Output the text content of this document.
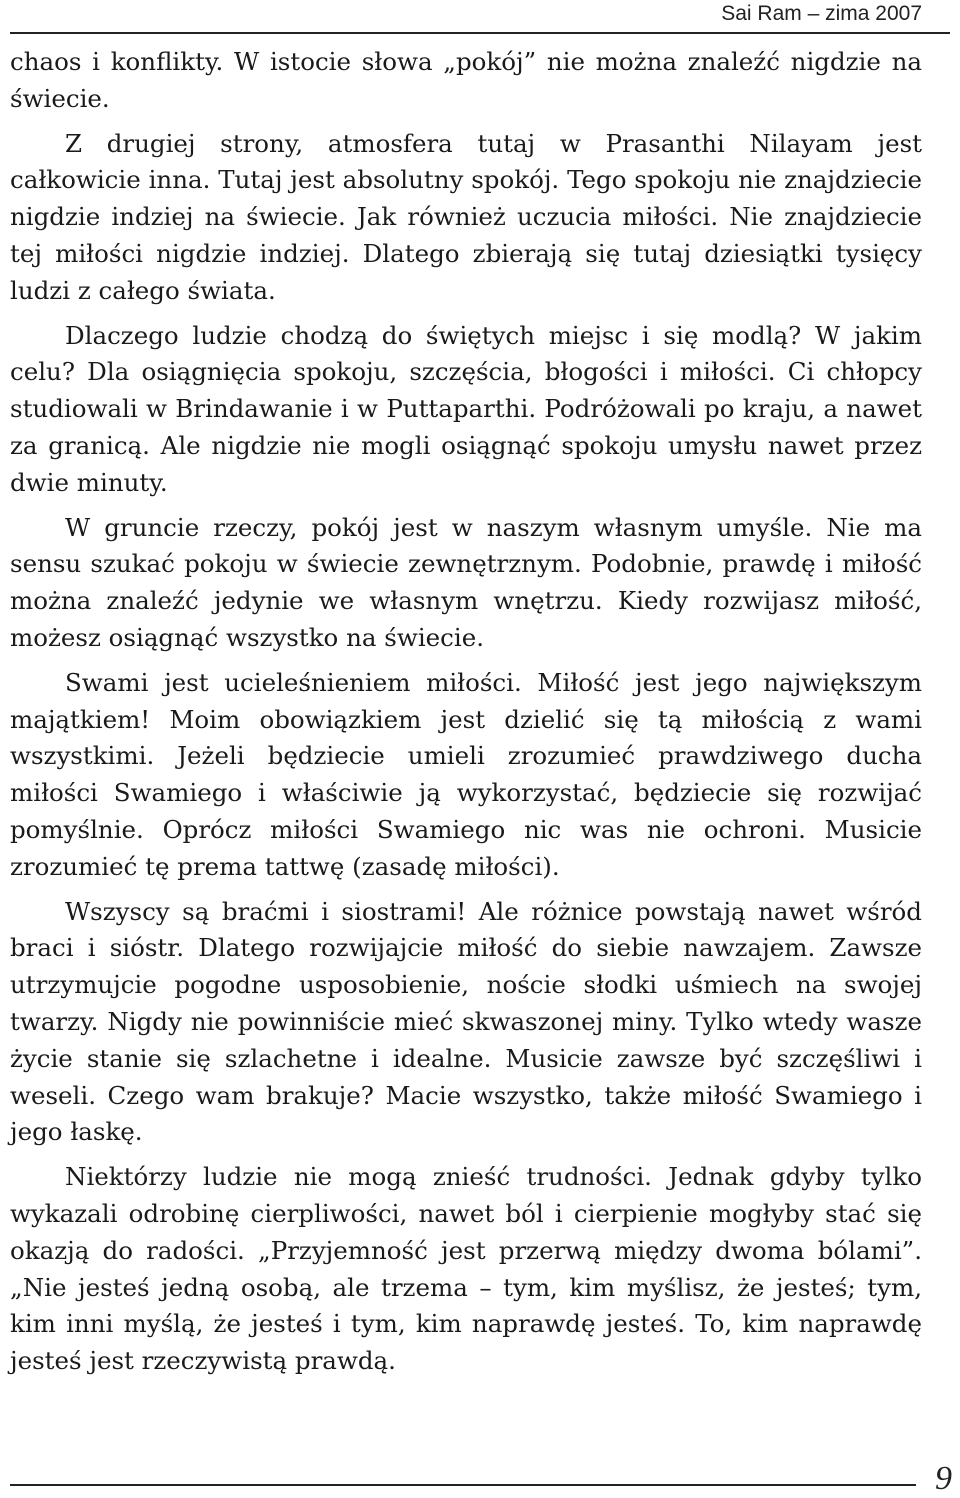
Sai Ram – zima 2007

chaos i konflikty. W istocie słowa „pokój” nie można znaleźć nigdzie na świecie.

Z drugiej strony, atmosfera tutaj w Prasanthi Nilayam jest całkowicie inna. Tutaj jest absolutny spokój. Tego spokoju nie znajdziecie nigdzie indziej na świecie. Jak również uczucia miłości. Nie znajdziecie tej miłości nigdzie indziej. Dlatego zbierają się tutaj dziesiątki tysięcy ludzi z całego świata.

Dlaczego ludzie chodzą do świętych miejsc i się modlą? W jakim celu? Dla osiągnięcia spokoju, szczęścia, błogości i miłości. Ci chłopcy studiowali w Brindawanie i w Puttaparthi. Podróżowali po kraju, a nawet za granicą. Ale nigdzie nie mogli osiągnąć spokoju umysłu nawet przez dwie minuty.

W gruncie rzeczy, pokój jest w naszym własnym umyśle. Nie ma sensu szukać pokoju w świecie zewnętrznym. Podobnie, prawdę i miłość można znaleźć jedynie we własnym wnętrzu. Kiedy rozwijasz miłość, możesz osiągnąć wszystko na świecie.

Swami jest ucieleśnieniem miłości. Miłość jest jego największym majątkiem! Moim obowiązkiem jest dzielić się tą miłością z wami wszystkimi. Jeżeli będziecie umieli zrozumieć prawdziwego ducha miłości Swamiego i właściwie ją wykorzystać, będziecie się rozwijać pomyślnie. Oprócz miłości Swamiego nic was nie ochroni. Musicie zrozumieć tę prema tattwę (zasadę miłości).

Wszyscy są braćmi i siostrami! Ale różnice powstają nawet wśród braci i sióstr. Dlatego rozwijajcie miłość do siebie nawzajem. Zawsze utrzymujcie pogodne usposobienie, noście słodki uśmiech na swojej twarzy. Nigdy nie powinniście mieć skwaszonej miny. Tylko wtedy wasze życie stanie się szlachetne i idealne. Musicie zawsze być szczęśliwi i weseli. Czego wam brakuje? Macie wszystko, także miłość Swamiego i jego łaskę.

Niektórzy ludzie nie mogą znieść trudności. Jednak gdyby tylko wykazali odrobinę cierpliwości, nawet ból i cierpienie mogłyby stać się okazją do radości. „Przyjemność jest przerwą między dwoma bólami”. „Nie jesteś jedną osobą, ale trzema – tym, kim myślisz, że jesteś; tym, kim inni myślą, że jesteś i tym, kim naprawdę jesteś. To, kim naprawdę jesteś jest rzeczywistą prawdą.

9
